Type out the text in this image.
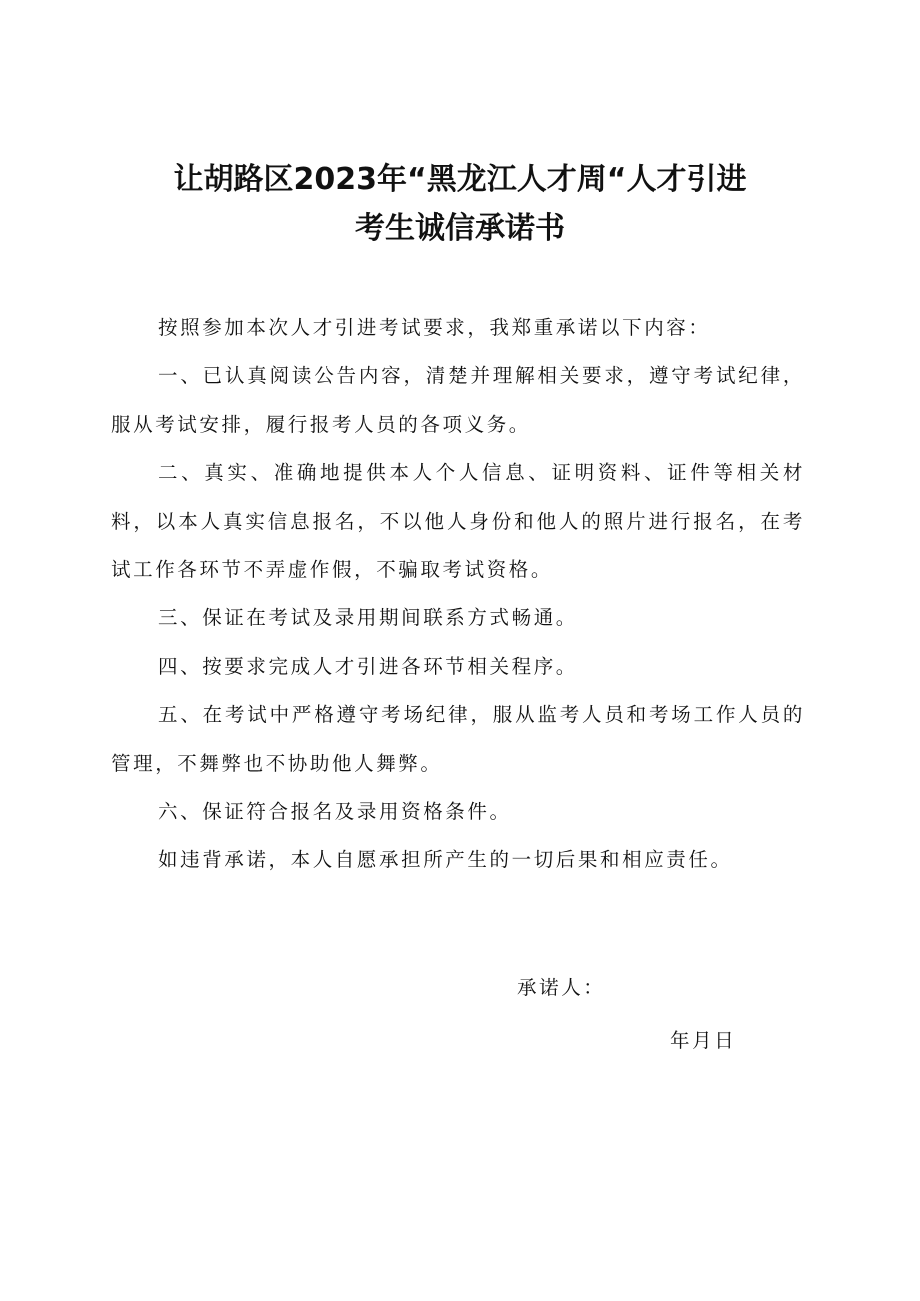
让胡路区2023年“黑龙江人才周“人才引进
考生诚信承诺书

按照参加本次人才引进考试要求，我郑重承诺以下内容：

一、已认真阅读公告内容，清楚并理解相关要求，遵守考试纪律，服从考试安排，履行报考人员的各项义务。

二、真实、准确地提供本人个人信息、证明资料、证件等相关材料，以本人真实信息报名，不以他人身份和他人的照片进行报名，在考试工作各环节不弄虚作假，不骗取考试资格。

三、保证在考试及录用期间联系方式畅通。

四、按要求完成人才引进各环节相关程序。

五、在考试中严格遵守考场纪律，服从监考人员和考场工作人员的管理，不舞弊也不协助他人舞弊。

六、保证符合报名及录用资格条件。

如违背承诺，本人自愿承担所产生的一切后果和相应责任。

承诺人：
年月日
